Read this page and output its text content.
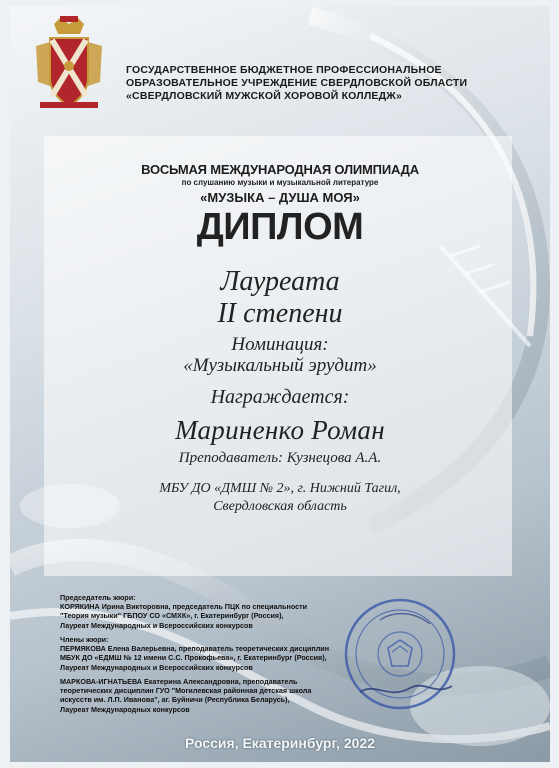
ГОСУДАРСТВЕННОЕ БЮДЖЕТНОЕ ПРОФЕССИОНАЛЬНОЕ
ОБРАЗОВАТЕЛЬНОЕ УЧРЕЖДЕНИЕ СВЕРДЛОВСКОЙ ОБЛАСТИ
«СВЕРДЛОВСКИЙ МУЖСКОЙ ХОРОВОЙ КОЛЛЕДЖ»
ВОСЬМАЯ МЕЖДУНАРОДНАЯ ОЛИМПИАДА
по слушанию музыки и музыкальной литературе
«МУЗЫКА – ДУША МОЯ»
ДИПЛОМ
Лауреата
II степени
Номинация:
«Музыкальный эрудит»
Награждается:
Мариненко Роман
Преподаватель: Кузнецова А.А.
МБУ ДО «ДМШ № 2», г. Нижний Тагил,
Свердловская область
Председатель жюри:
КОРЯКИНА Ирина Викторовна, председатель ПЦК по специальности
"Теория музыки" ГБПОУ СО «СМХК», г. Екатеринбург (Россия),
Лауреат Международных и Всероссийских конкурсов
Члены жюри:
ПЕРМЯКОВА Елена Валерьевна, преподаватель теоретических дисциплин
МБУК ДО «ЕДМШ № 12 имени С.С. Прокофьева», г. Екатеринбург (Россия),
Лауреат Международных и Всероссийских конкурсов
МАРКОВА-ИГНАТЬЕВА Екатерина Александровна, преподаватель
теоретических дисциплин ГУО "Могилевская районная детская школа
искусств им. Л.П. Иванова", аг. Буйничи (Республика Беларусь),
Лауреат Международных конкурсов
Россия, Екатеринбург, 2022
